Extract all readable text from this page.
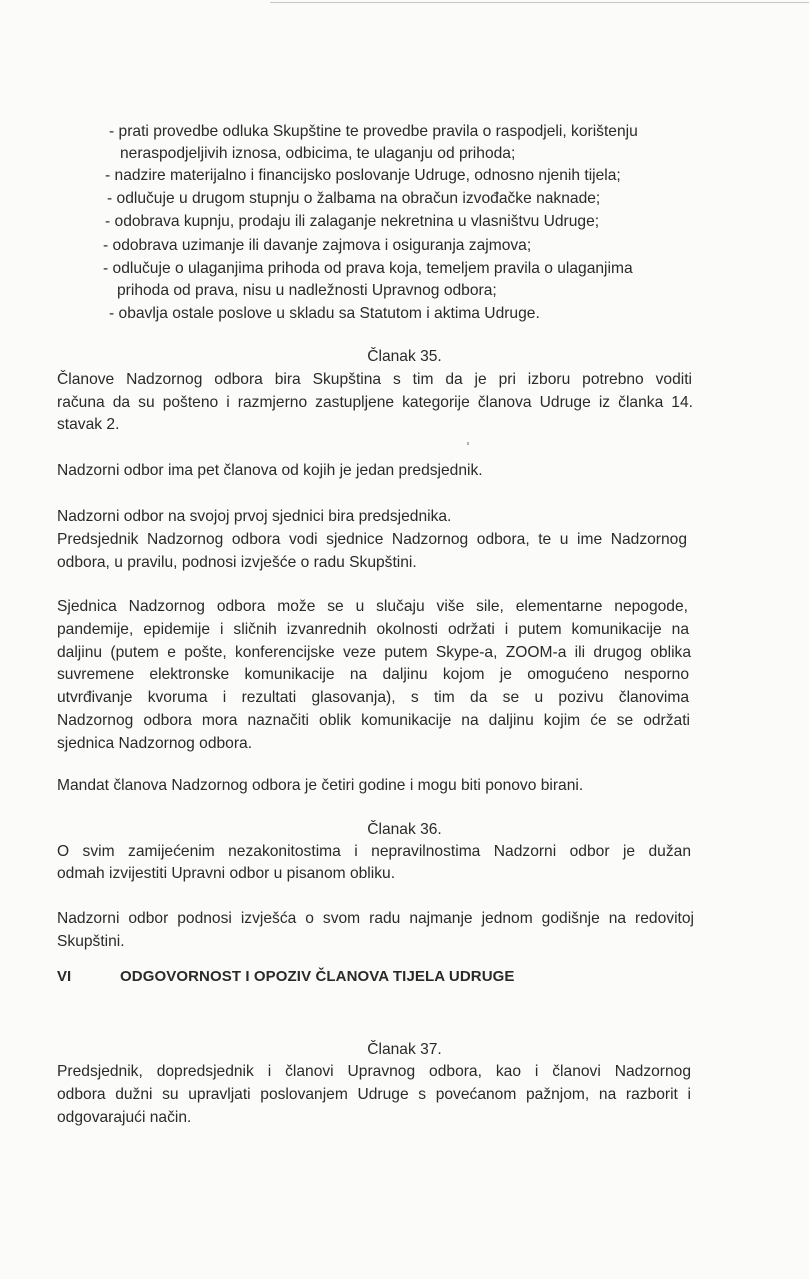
- prati provedbe odluka Skupštine te provedbe pravila o raspodjeli, korištenju
neraspodjeljivih iznosa, odbicima, te ulaganju od prihoda;
- nadzire materijalno i financijsko poslovanje Udruge, odnosno njenih tijela;
- odlučuje u drugom stupnju o žalbama na obračun izvođačke naknade;
- odobrava kupnju, prodaju ili zalaganje nekretnina u vlasništvu Udruge;
- odobrava uzimanje ili davanje zajmova i osiguranja zajmova;
- odlučuje o ulaganjima prihoda od prava koja, temeljem pravila o ulaganjima
prihoda od prava, nisu u nadležnosti Upravnog odbora;
- obavlja ostale poslove u skladu sa Statutom i aktima Udruge.
Članak 35.
Članove Nadzornog odbora bira Skupština s tim da je pri izboru potrebno voditi
računa da su pošteno i razmjerno zastupljene kategorije članova Udruge iz članka 14.
stavak 2.
Nadzorni odbor ima pet članova od kojih je jedan predsjednik.
Nadzorni odbor na svojoj prvoj sjednici bira predsjednika.
Predsjednik Nadzornog odbora vodi sjednice Nadzornog odbora, te u ime Nadzornog
odbora, u pravilu, podnosi izvješće o radu Skupštini.
Sjednica Nadzornog odbora može se u slučaju više sile, elementarne nepogode,
pandemije, epidemije i sličnih izvanrednih okolnosti održati i putem komunikacije na
daljinu (putem e pošte, konferencijske veze putem Skype-a, ZOOM-a ili drugog oblika
suvremene elektronske komunikacije na daljinu kojom je omogućeno nesporno
utvrđivanje kvoruma i rezultati glasovanja), s tim da se u pozivu članovima
Nadzornog odbora mora naznačiti oblik komunikacije na daljinu kojim će se održati
sjednica Nadzornog odbora.
Mandat članova Nadzornog odbora je četiri godine i mogu biti ponovo birani.
Članak 36.
O svim zamijećenim nezakonitostima i nepravilnostima Nadzorni odbor je dužan
odmah izvijestiti Upravni odbor u pisanom obliku.
Nadzorni odbor podnosi izvješća o svom radu najmanje jednom godišnje na redovitoj
Skupštini.
VI	ODGOVORNOST I OPOZIV ČLANOVA TIJELA UDRUGE
Članak 37.
Predsjednik, dopredsjednik i članovi Upravnog odbora, kao i članovi Nadzornog
odbora dužni su upravljati poslovanjem Udruge s povećanom pažnjom, na razborit i
odgovarajući način.
